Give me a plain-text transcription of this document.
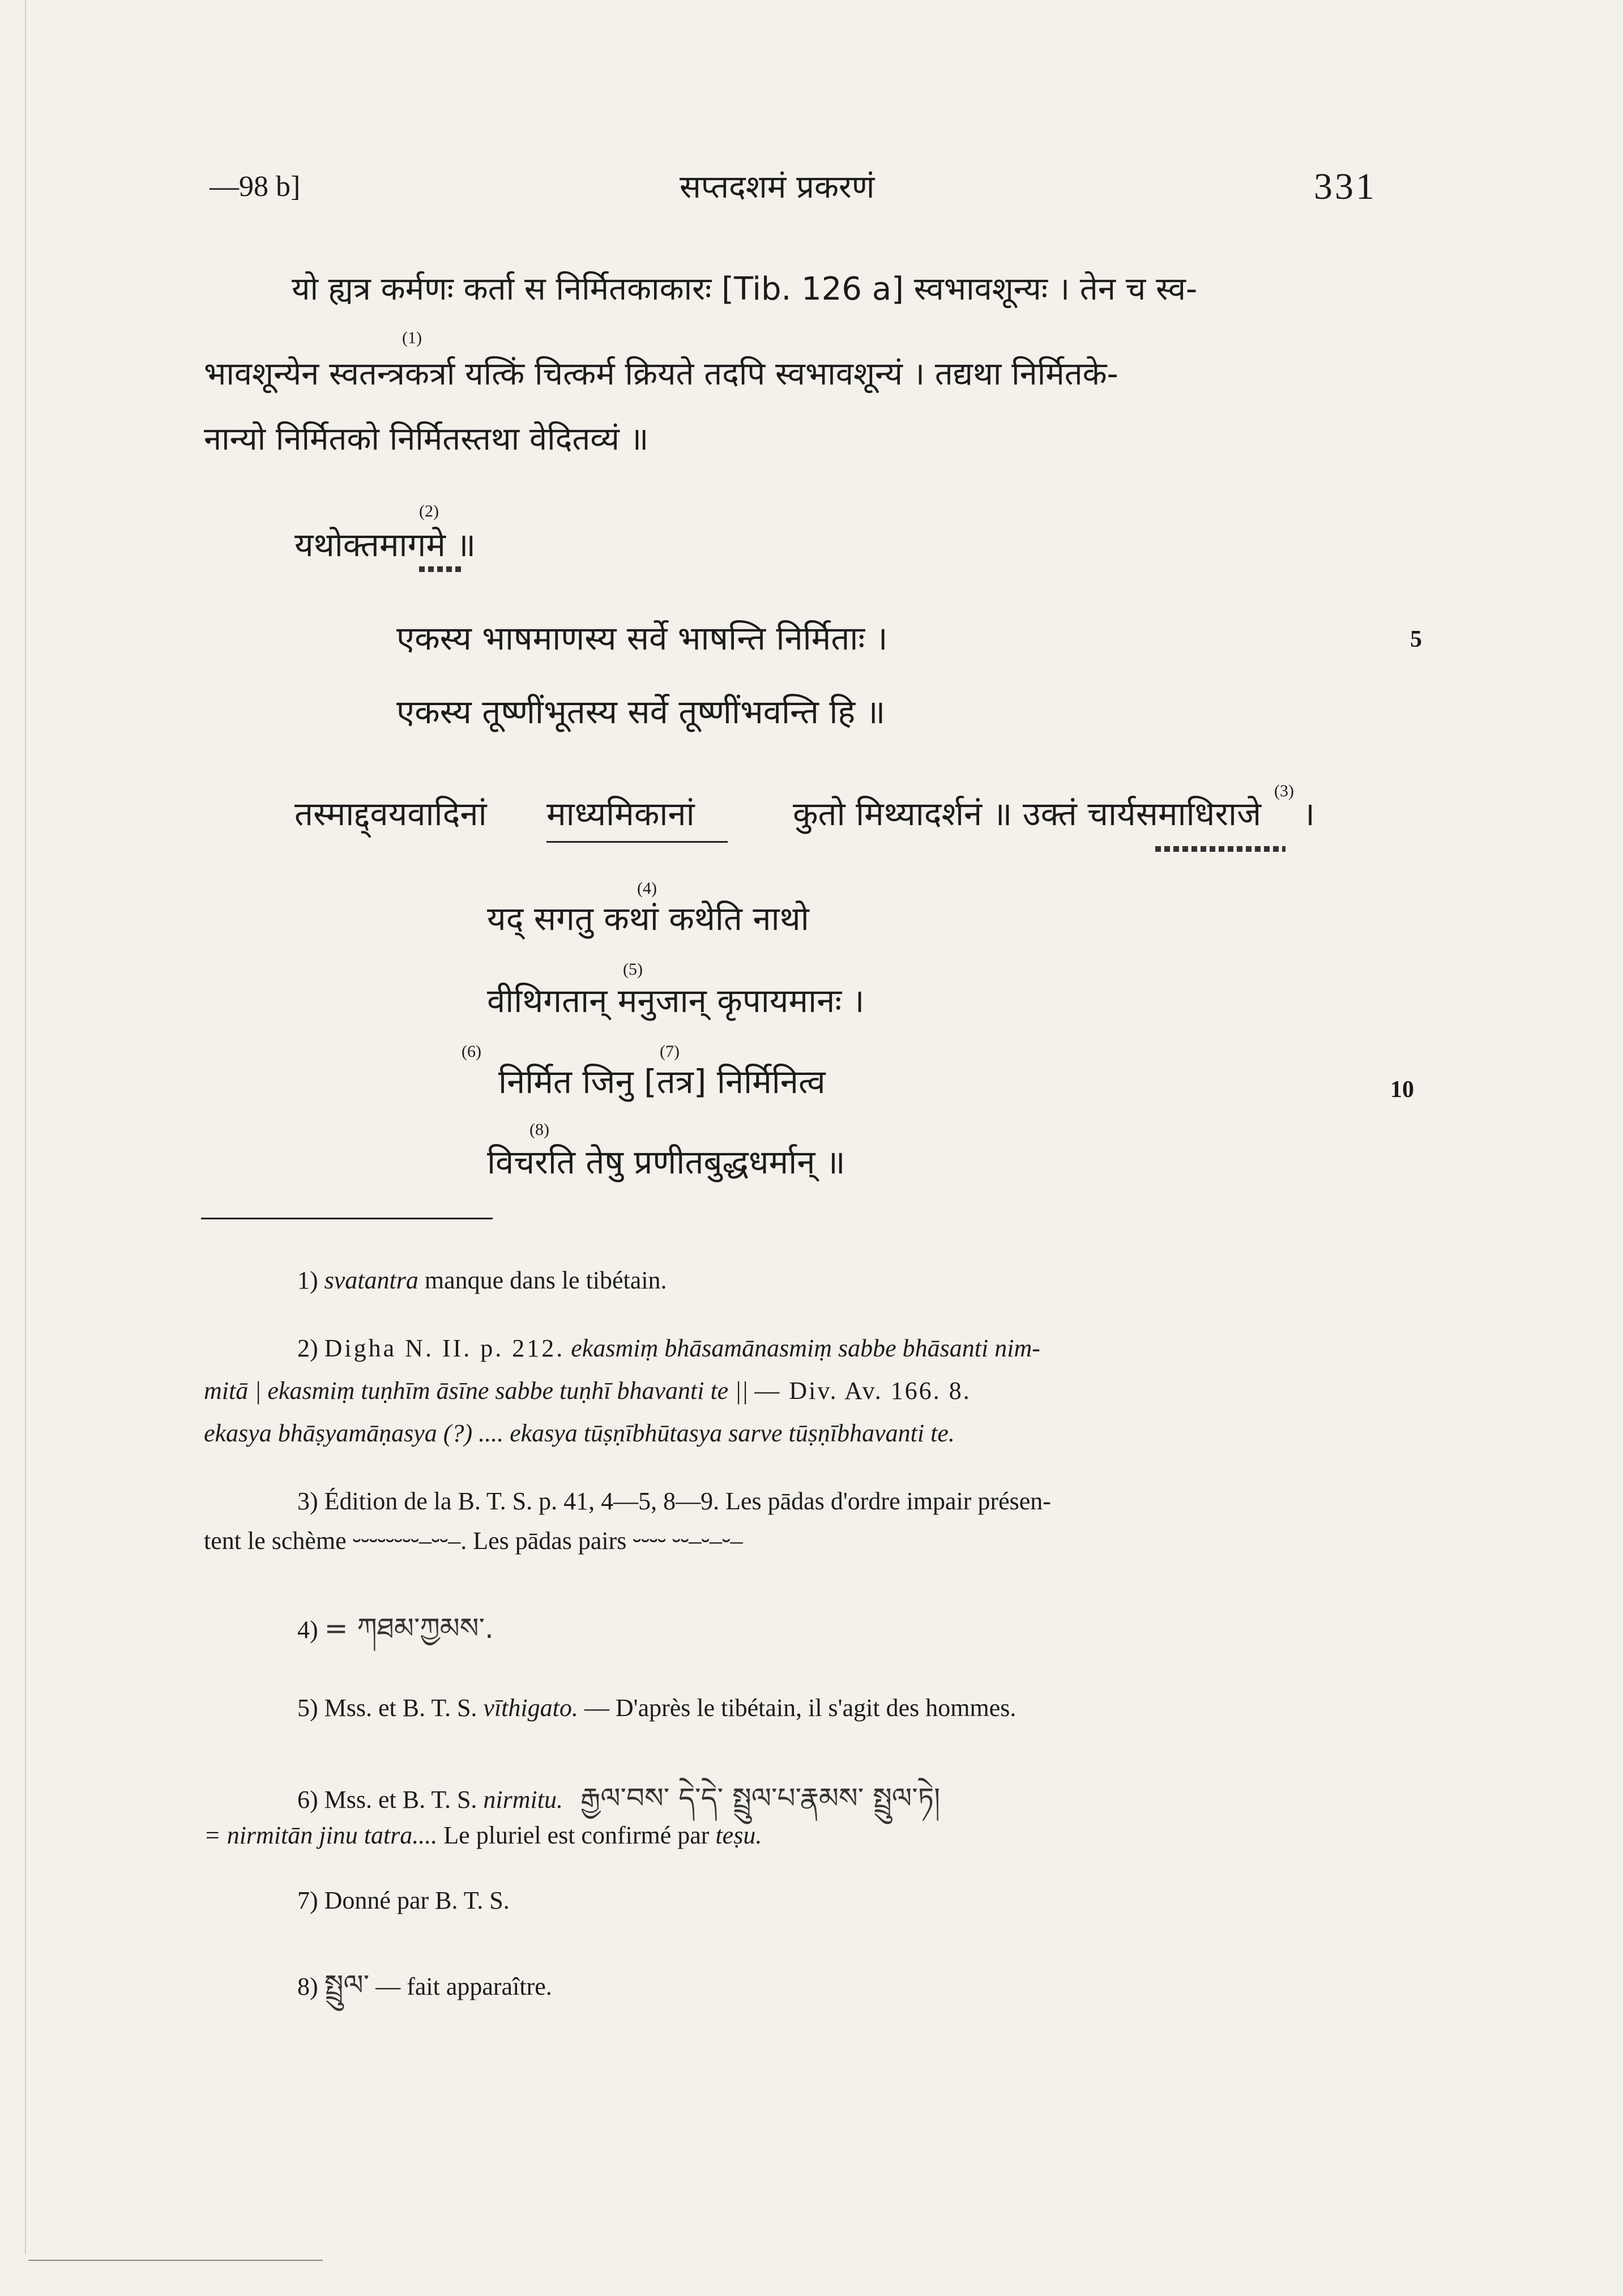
—98 b]	सप्तदशमं प्रकरणं	331
यो ह्यत्र कर्मणः कर्ता स निर्मितकाकारः [Tib. 126 a] स्वभावशून्यः । तेन च स्व-
(1)
भावशून्येन स्वतन्त्रकर्त्रा यत्किं चित्कर्म क्रियते तदपि स्वभावशून्यं । तद्यथा निर्मितके-
नान्यो निर्मितको निर्मितस्तथा वेदितव्यं ॥
(2)
यथोक्तमागमे ॥
एकस्य भाषमाणस्य सर्वे भाषन्ति निर्मिताः ।	5
एकस्य तूष्णींभूतस्य सर्वे तूष्णींभवन्ति हि ॥
तस्माद्द्वयवादिनां माध्यमिकानां	कुतो मिथ्यादर्शनं ॥ उक्तं चार्यसमाधिराजे
(3)
।
(4)
यद् सगतु कथां कथेति नाथो
(5)
वीथिगतान् मनुजान् कृपायमानः ।
(6)	(7)
निर्मित जिनु [तत्र] निर्मिनित्व	10
(8)
विचरति तेषु प्रणीतबुद्धधर्मान् ॥
1) svatantra manque dans le tibétain.
2) Digha N. II. p. 212. ekasmiṃ bhāsamānasmiṃ sabbe bhāsanti nim-
mitā | ekasmiṃ tuṇhīm āsīne sabbe tuṇhī bhavanti te || — Div. Av. 166. 8.
ekasya bhāṣyamāṇasya (?) .... ekasya tūṣṇībhūtasya sarve tūṣṇībhavanti te.
3) Édition de la B. T. S. p. 41, 4—5, 8—9. Les pādas d'ordre impair présen-
tent le schème ⏑⏑⏑⏑⏑⏑⏑⏑–⏑⏑–. Les pādas pairs ⏑⏑⏑⏑ ⏑⏑–⏑–⏑–
4) = ཀཐམ་ཀྱམས་.
5) Mss. et B. T. S. vīthigato. — D'après le tibétain, il s'agit des hommes.
6) Mss. et B. T. S. nirmitu. རྒྱལ་བས་ དེ་དེ་ སྤྲུལ་པ་རྣམས་ སྤྲུལ་ཏེ།
= nirmitān jinu tatra.... Le pluriel est confirmé par teṣu.
7) Donné par B. T. S.
8) སྤྲུལ་ — fait apparaître.
